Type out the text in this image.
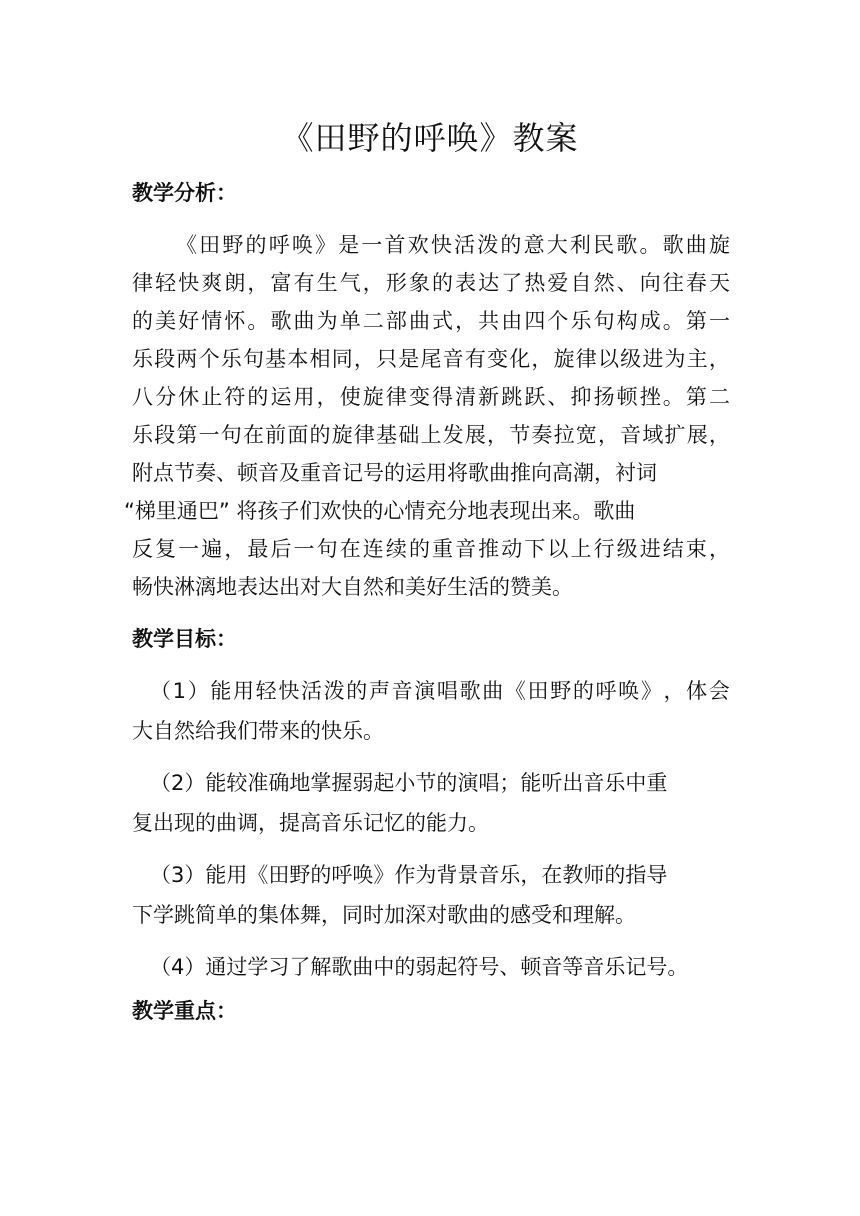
《田野的呼唤》教案
教学分析：
《 田 野 的 呼 唤 》 是 一 首 欢 快 活 泼 的 意 大 利 民 歌 。 歌 曲 旋
律 轻 快 爽 朗 ， 富 有 生 气 ， 形 象 的 表 达 了 热 爱 自 然 、 向 往 春 天
的 美 好 情 怀 。 歌 曲 为 单 二 部 曲 式 ， 共 由 四 个 乐 句 构 成 。 第 一
乐 段 两 个 乐 句 基 本 相 同 ， 只 是 尾 音 有 变 化 ， 旋 律 以 级 进 为 主 ，
八 分 休 止 符 的 运 用 ， 使 旋 律 变 得 清 新 跳 跃 、 抑 扬 顿 挫 。 第 二
乐 段 第 一 句 在 前 面 的 旋 律 基 础 上 发 展 ， 节 奏 拉 宽 ， 音 域 扩 展 ，
附点节奏、顿音及重音记号的运用将歌曲推向高潮，衬词
“梯里通巴” 将孩子们欢快的心情充分地表现出来。歌曲
反 复 一 遍 ， 最 后 一 句 在 连 续 的 重 音 推 动 下 以 上 行 级 进 结 束 ，
畅快淋漓地表达出对大自然和美好生活的赞美。
教学目标：
（ 1 ） 能 用 轻 快 活 泼 的 声 音 演 唱 歌 曲 《 田 野 的 呼 唤 》 ， 体 会
大自然给我们带来的快乐。
（2）能较准确地掌握弱起小节的演唱；能听出音乐中重
复出现的曲调，提高音乐记忆的能力。
（3）能用《田野的呼唤》作为背景音乐，在教师的指导
下学跳简单的集体舞，同时加深对歌曲的感受和理解。
（4）通过学习了解歌曲中的弱起符号、顿音等音乐记号。
教学重点：
